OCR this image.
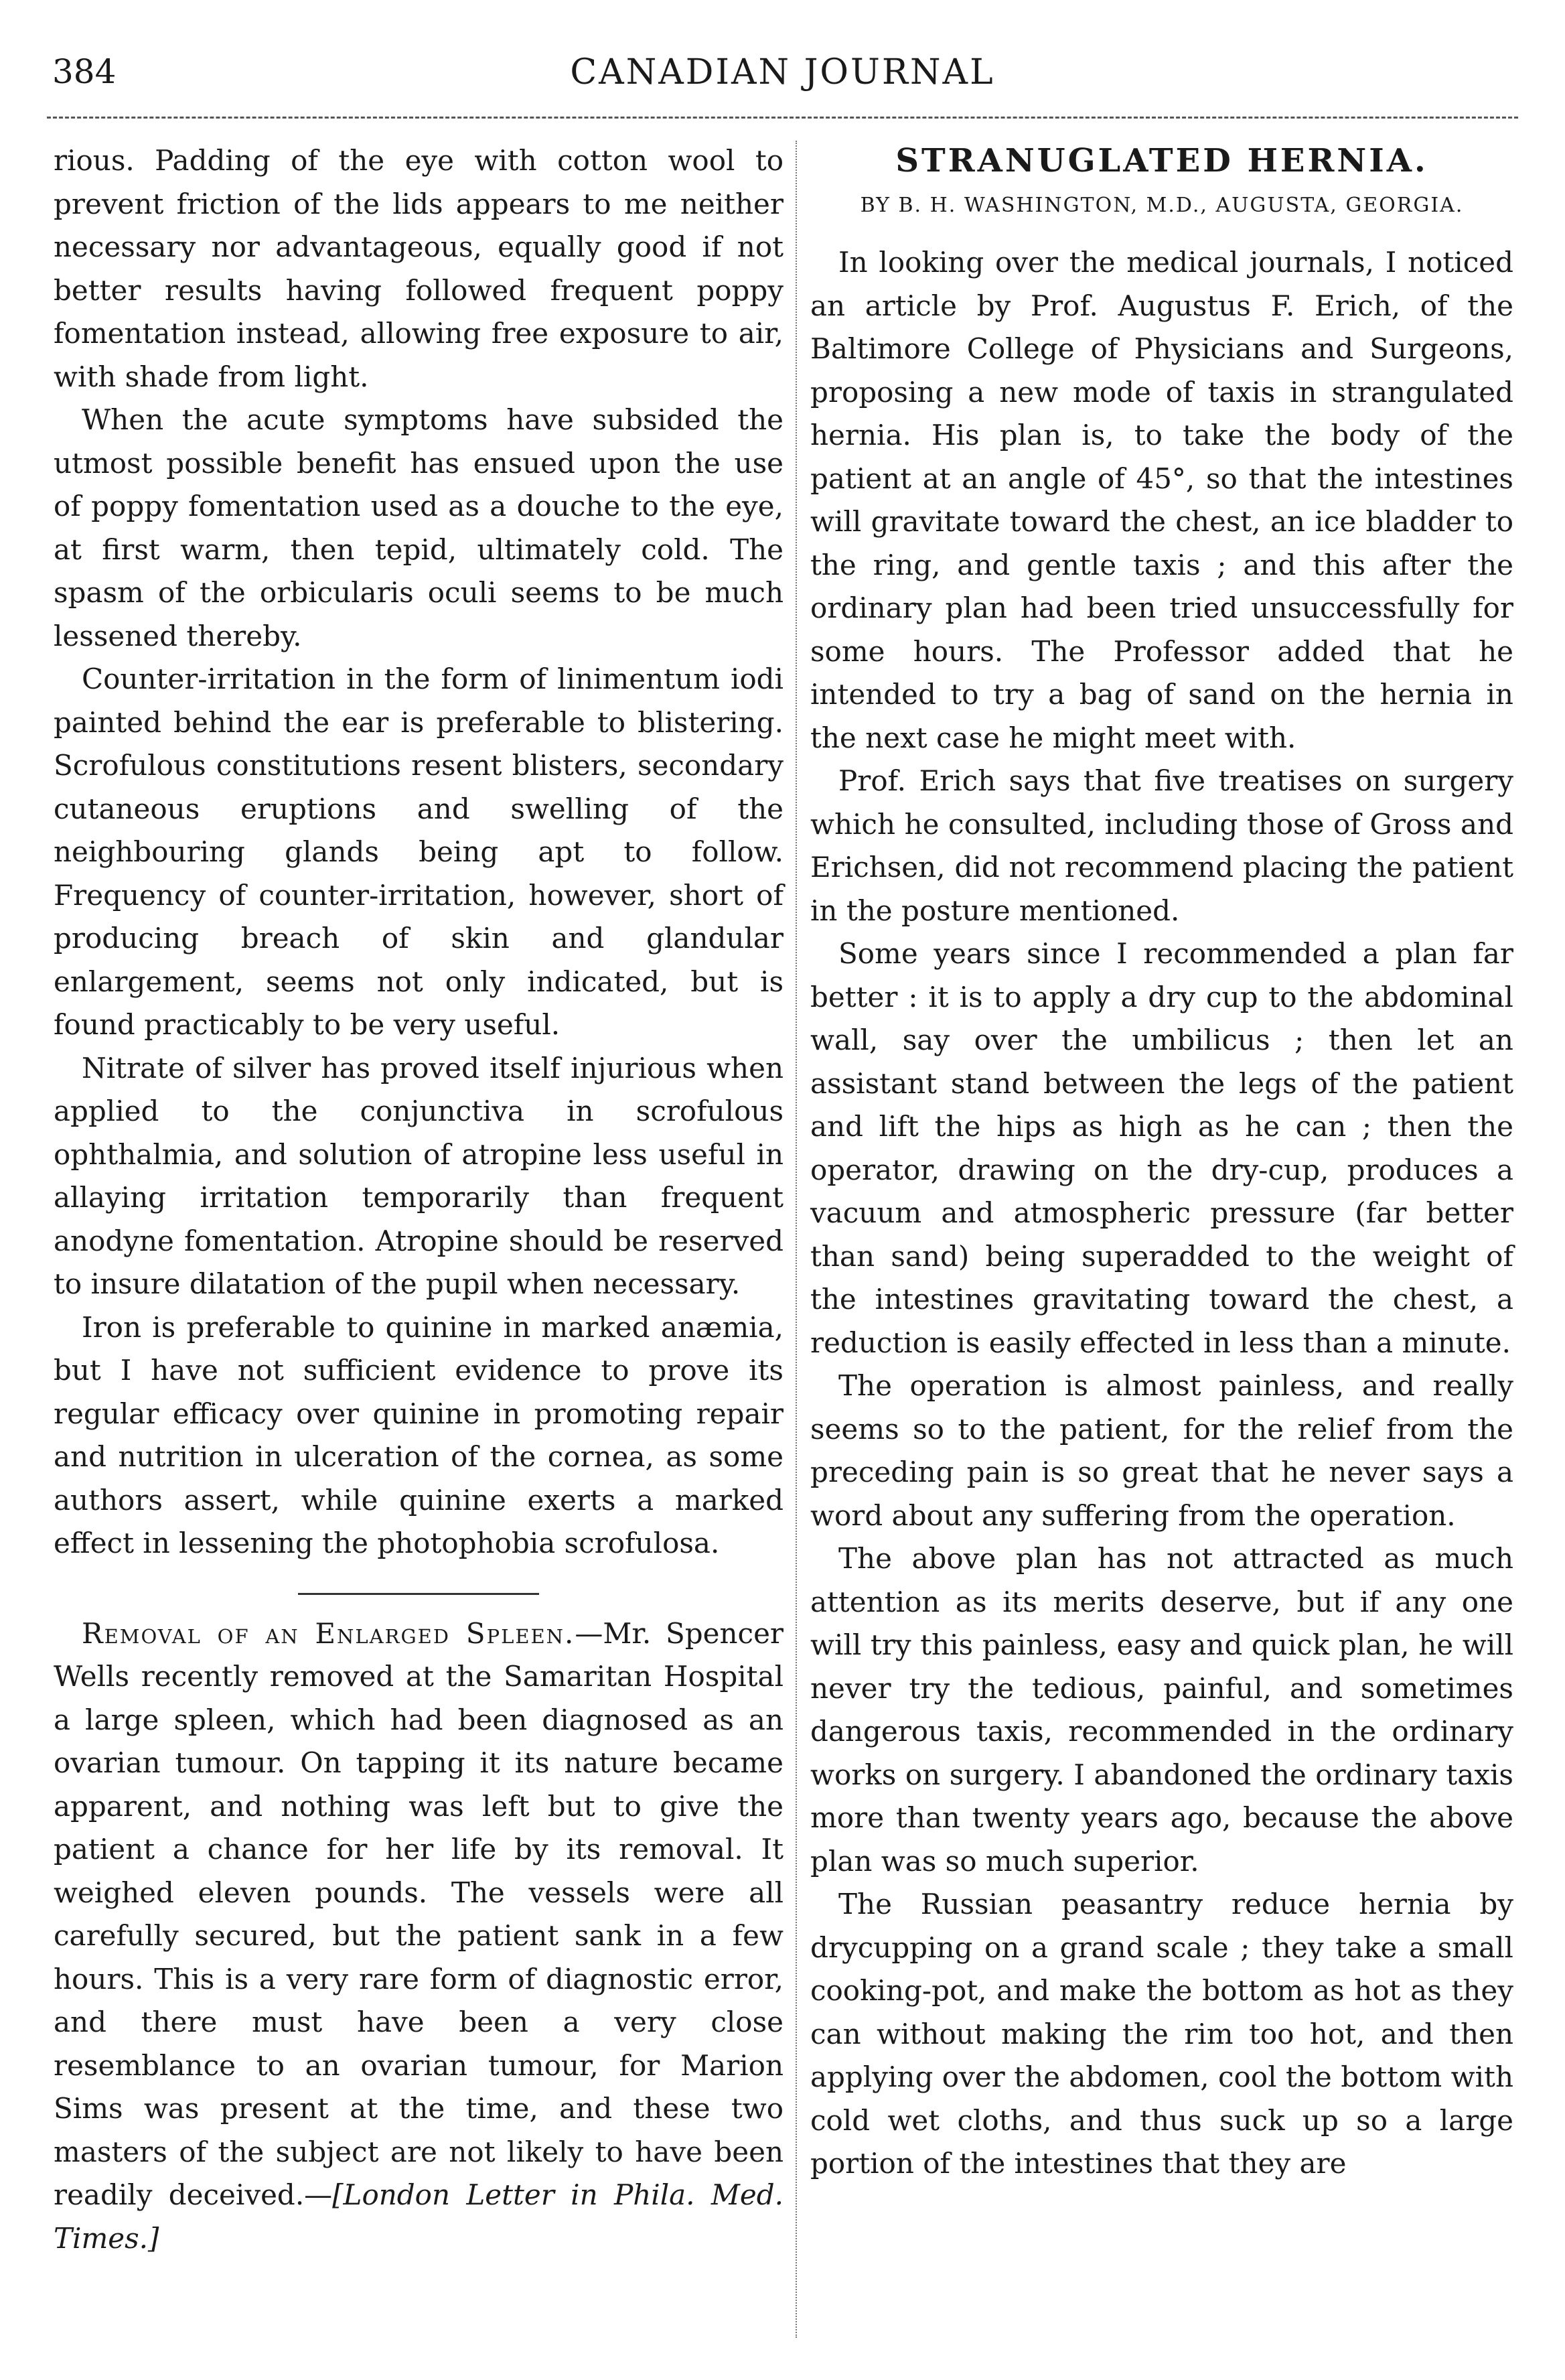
384	CANADIAN JOURNAL

rious. Padding of the eye with cotton wool to prevent friction of the lids appears to me neither necessary nor advantageous, equally good if not better results having followed frequent poppy fomentation instead, allowing free exposure to air, with shade from light.

When the acute symptoms have subsided the utmost possible benefit has ensued upon the use of poppy fomentation used as a douche to the eye, at first warm, then tepid, ultimately cold. The spasm of the orbicularis oculi seems to be much lessened thereby.

Counter-irritation in the form of linimentum iodi painted behind the ear is preferable to blistering. Scrofulous constitutions resent blisters, secondary cutaneous eruptions and swelling of the neighbouring glands being apt to follow. Frequency of counter-irritation, however, short of producing breach of skin and glandular enlargement, seems not only indicated, but is found practicably to be very useful.

Nitrate of silver has proved itself injurious when applied to the conjunctiva in scrofulous ophthalmia, and solution of atropine less useful in allaying irritation temporarily than frequent anodyne fomentation. Atropine should be reserved to insure dilatation of the pupil when necessary.

Iron is preferable to quinine in marked anæmia, but I have not sufficient evidence to prove its regular efficacy over quinine in promoting repair and nutrition in ulceration of the cornea, as some authors assert, while quinine exerts a marked effect in lessening the photophobia scrofulosa.

Removal of an Enlarged Spleen.—Mr. Spencer Wells recently removed at the Samaritan Hospital a large spleen, which had been diagnosed as an ovarian tumour. On tapping it its nature became apparent, and nothing was left but to give the patient a chance for her life by its removal. It weighed eleven pounds. The vessels were all carefully secured, but the patient sank in a few hours. This is a very rare form of diagnostic error, and there must have been a very close resemblance to an ovarian tumour, for Marion Sims was present at the time, and these two masters of the subject are not likely to have been readily deceived.—[London Letter in Phila. Med. Times.]

STRANUGLATED HERNIA.
BY B. H. WASHINGTON, M.D., AUGUSTA, GEORGIA.

In looking over the medical journals, I noticed an article by Prof. Augustus F. Erich, of the Baltimore College of Physicians and Surgeons, proposing a new mode of taxis in strangulated hernia. His plan is, to take the body of the patient at an angle of 45°, so that the intestines will gravitate toward the chest, an ice bladder to the ring, and gentle taxis ; and this after the ordinary plan had been tried unsuccessfully for some hours. The Professor added that he intended to try a bag of sand on the hernia in the next case he might meet with.

Prof. Erich says that five treatises on surgery which he consulted, including those of Gross and Erichsen, did not recommend placing the patient in the posture mentioned.

Some years since I recommended a plan far better : it is to apply a dry cup to the abdominal wall, say over the umbilicus ; then let an assistant stand between the legs of the patient and lift the hips as high as he can ; then the operator, drawing on the dry-cup, produces a vacuum and atmospheric pressure (far better than sand) being superadded to the weight of the intestines gravitating toward the chest, a reduction is easily effected in less than a minute.

The operation is almost painless, and really seems so to the patient, for the relief from the preceding pain is so great that he never says a word about any suffering from the operation.

The above plan has not attracted as much attention as its merits deserve, but if any one will try this painless, easy and quick plan, he will never try the tedious, painful, and sometimes dangerous taxis, recommended in the ordinary works on surgery. I abandoned the ordinary taxis more than twenty years ago, because the above plan was so much superior.

The Russian peasantry reduce hernia by drycupping on a grand scale ; they take a small cooking-pot, and make the bottom as hot as they can without making the rim too hot, and then applying over the abdomen, cool the bottom with cold wet cloths, and thus suck up so a large portion of the intestines that they are
